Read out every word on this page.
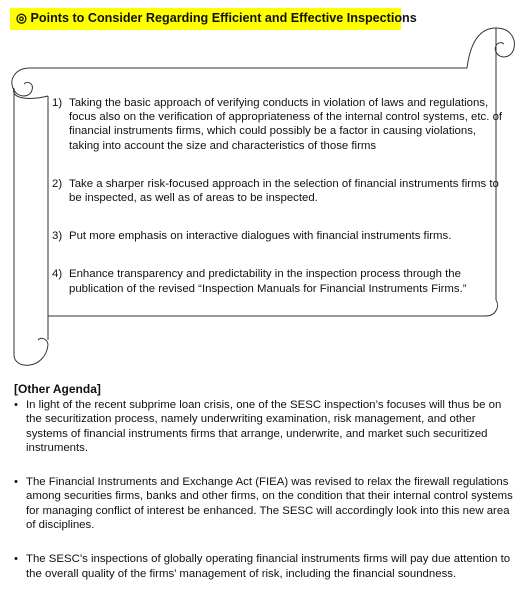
◎ Points to Consider Regarding Efficient and Effective Inspections
1) Taking the basic approach of verifying conducts in violation of laws and regulations, focus also on the verification of appropriateness of the internal control systems, etc. of financial instruments firms, which could possibly be a factor in causing violations, taking into account the size and characteristics of those firms
2) Take a sharper risk-focused approach in the selection of financial instruments firms to be inspected, as well as of areas to be inspected.
3) Put more emphasis on interactive dialogues with financial instruments firms.
4) Enhance transparency and predictability in the inspection process through the publication of the revised “Inspection Manuals for Financial Instruments Firms.”
[Other Agenda]
• In light of the recent subprime loan crisis, one of the SESC inspection’s focuses will thus be on the securitization process, namely underwriting examination, risk management, and other systems of financial instruments firms that arrange, underwrite, and market such securitized instruments.
• The Financial Instruments and Exchange Act (FIEA) was revised to relax the firewall regulations among securities firms, banks and other firms, on the condition that their internal control systems for managing conflict of interest be enhanced. The SESC will accordingly look into this new area of disciplines.
• The SESC’s inspections of globally operating financial instruments firms will pay due attention to the overall quality of the firms’ management of risk, including the financial soundness.
